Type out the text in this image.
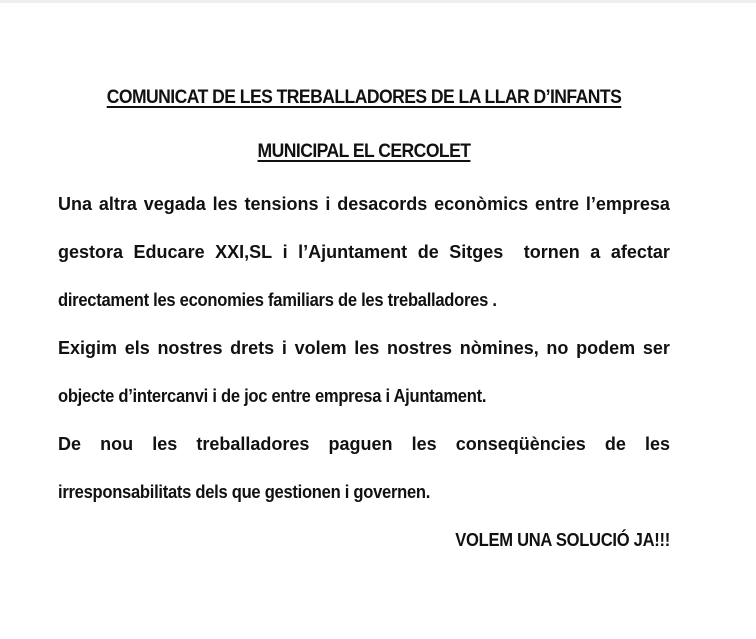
COMUNICAT DE LES TREBALLADORES DE LA LLAR D’INFANTS
MUNICIPAL EL CERCOLET
Una altra vegada les tensions i desacords econòmics entre l’empresa
gestora Educare XXI,SL i l’Ajuntament de Sitges tornen a afectar
directament les economies familiars de les treballadores .
Exigim els nostres drets i volem les nostres nòmines, no podem ser
objecte d’intercanvi i de joc entre empresa i Ajuntament.
De nou les treballadores paguen les conseqüències de les
irresponsabilitats dels que gestionen i governen.
VOLEM UNA SOLUCIÓ JA!!!
